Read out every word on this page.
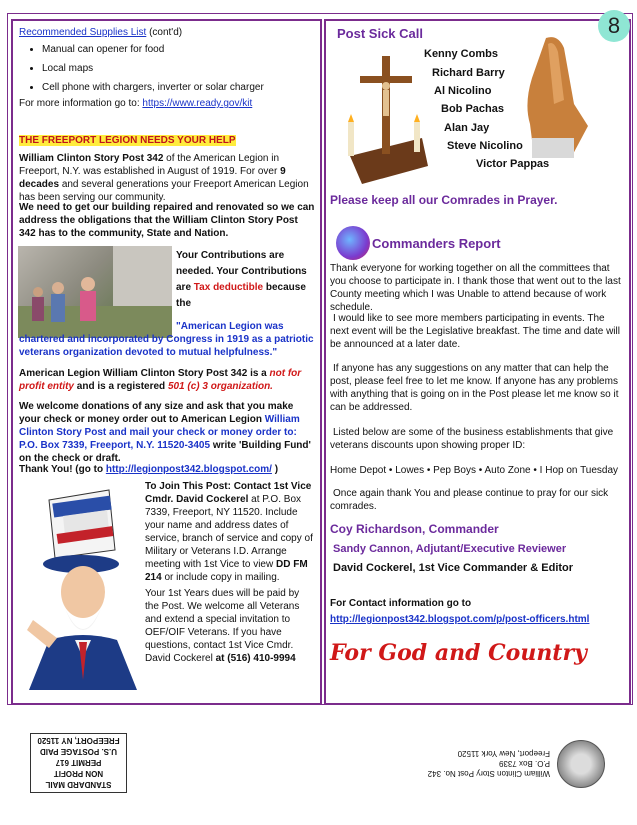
8
Recommended Supplies List (cont'd)
• Manual can opener for food
• Local maps
• Cell phone with chargers, inverter or solar charger
For more information go to: https://www.ready.gov/kit
THE FREEPORT LEGION NEEDS YOUR HELP
William Clinton Story Post 342 of the American Legion in Freeport, N.Y. was established in August of 1919. For over 9 decades and several generations your Freeport American Legion has been serving our community.
We need to get our building repaired and renovated so we can address the obligations that the William Clinton Story Post 342 has to the community, State and Nation.
Your Contributions are needed. Your Contributions are Tax deductible because the
"American Legion was chartered and incorporated by Congress in 1919 as a patriotic veterans organization devoted to mutual helpfulness."
American Legion William Clinton Story Post 342 is a not for profit entity and is a registered 501 (c) 3 organization.
We welcome donations of any size and ask that you make your check or money order out to American Legion William Clinton Story Post and mail your check or money order to: P.O. Box 7339, Freeport, N.Y. 11520-3405 write 'Building Fund' on the check or draft.
Thank You! (go to http://legionpost342.blogspot.com/ )
To Join This Post: Contact 1st Vice Cmdr. David Cockerel at P.O. Box 7339, Freeport, NY 11520. Include your name and address dates of service, branch of service and copy of Military or Veterans I.D. Arrange meeting with 1st Vice to view DD FM 214 or include copy in mailing.
Your 1st Years dues will be paid by the Post. We welcome all Veterans and extend a special invitation to OEF/OIF Veterans. If you have questions, contact 1st Vice Cmdr. David Cockerel at (516) 410-9994
Post Sick Call
Kenny Combs
Richard Barry
Al Nicolino
Bob Pachas
Alan Jay
Steve Nicolino
Victor Pappas
Please keep all our Comrades in Prayer.
Commanders Report
Thank everyone for working together on all the committees that you choose to participate in. I thank those that went out to the last County meeting which I was Unable to attend because of work schedule.
I would like to see more members participating in events. The next event will be the Legislative breakfast. The time and date will be announced at a later date.
If anyone has any suggestions on any matter that can help the post, please feel free to let me know. If anyone has any problems with anything that is going on in the Post please let me know so it can be addressed.
Listed below are some of the business establishments that give veterans discounts upon showing proper ID:
Home Depot • Lowes • Pep Boys • Auto Zone • I Hop on Tuesday
Once again thank You and please continue to pray for our sick comrades.
Coy Richardson, Commander
Sandy Cannon, Adjutant/Executive Reviewer
David Cockerel, 1st Vice Commander & Editor
For Contact information go to
http://legionpost342.blogspot.com/p/post-officers.html
For God and Country
STANDARD MAIL
NON PROFIT
PERMIT 617
U.S. POSTAGE PAID
FREEPORT, NY 11520
William Clinton Story Post No. 342
P.O. Box 7339
Freeport, New York 11520
